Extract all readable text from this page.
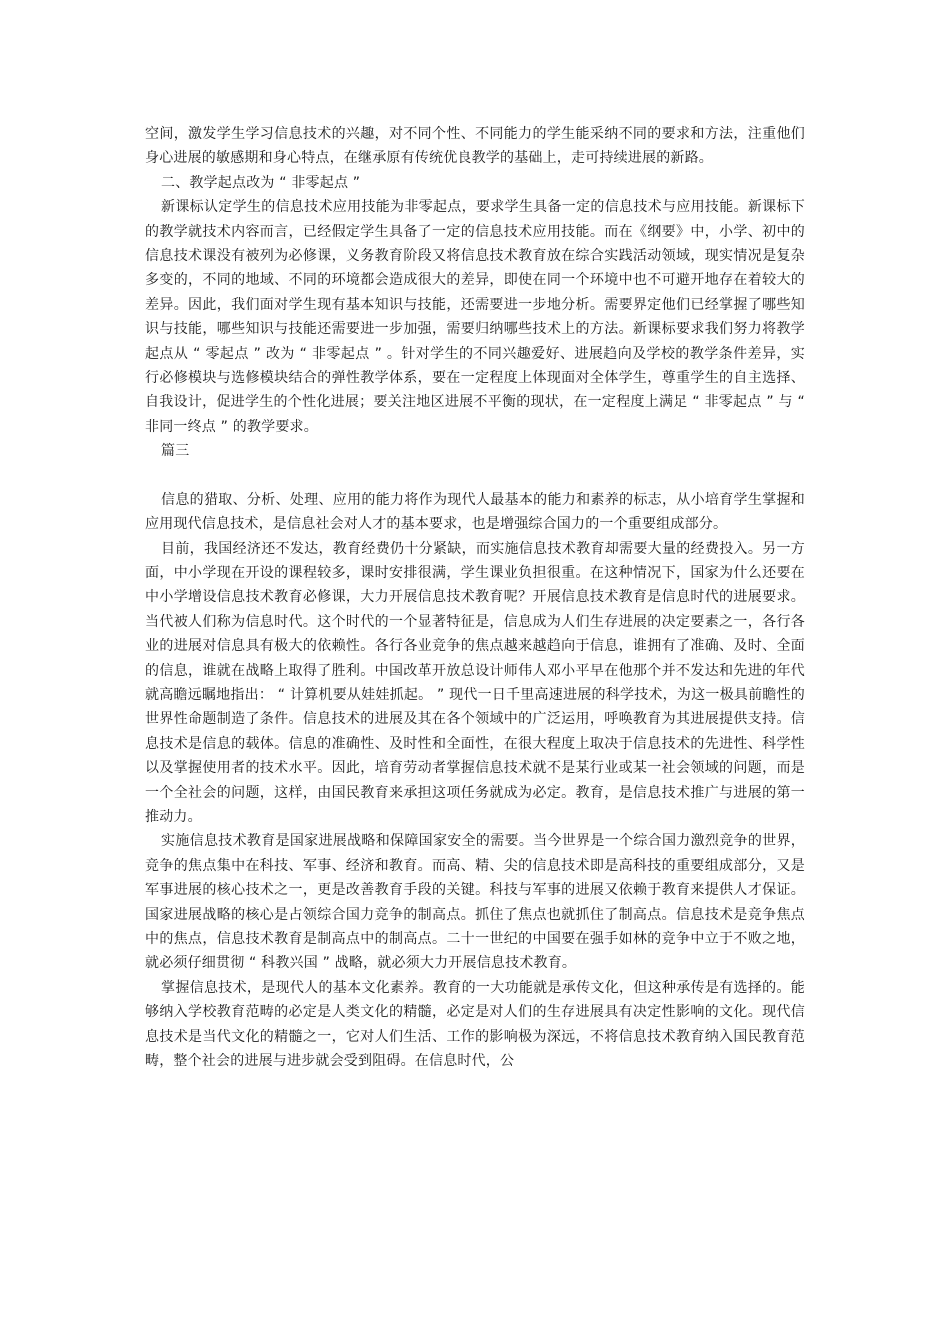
空间，激发学生学习信息技术的兴趣，对不同个性、不同能力的学生能采纳不同的要求和方法，注重他们身心进展的敏感期和身心特点，在继承原有传统优良教学的基础上，走可持续进展的新路。

二、教学起点改为 “ 非零起点 ”

新课标认定学生的信息技术应用技能为非零起点，要求学生具备一定的信息技术与应用技能。新课标下的教学就技术内容而言，已经假定学生具备了一定的信息技术应用技能。而在《纲要》中，小学、初中的信息技术课没有被列为必修课，义务教育阶段又将信息技术教育放在综合实践活动领域，现实情况是复杂多变的，不同的地域、不同的环境都会造成很大的差异，即使在同一个环境中也不可避开地存在着较大的差异。因此，我们面对学生现有基本知识与技能，还需要进一步地分析。需要界定他们已经掌握了哪些知识与技能，哪些知识与技能还需要进一步加强，需要归纳哪些技术上的方法。新课标要求我们努力将教学起点从 “ 零起点 ” 改为 “ 非零起点 ” 。针对学生的不同兴趣爱好、进展趋向及学校的教学条件差异，实行必修模块与选修模块结合的弹性教学体系，要在一定程度上体现面对全体学生，尊重学生的自主选择、自我设计，促进学生的个性化进展；要关注地区进展不平衡的现状，在一定程度上满足 “ 非零起点 ” 与 “ 非同一终点 ” 的教学要求。

篇三

信息的猎取、分析、处理、应用的能力将作为现代人最基本的能力和素养的标志，从小培育学生掌握和应用现代信息技术，是信息社会对人才的基本要求，也是增强综合国力的一个重要组成部分。

目前，我国经济还不发达，教育经费仍十分紧缺，而实施信息技术教育却需要大量的经费投入。另一方面，中小学现在开设的课程较多，课时安排很满，学生课业负担很重。在这种情况下，国家为什么还要在中小学增设信息技术教育必修课，大力开展信息技术教育呢？开展信息技术教育是信息时代的进展要求。当代被人们称为信息时代。这个时代的一个显著特征是，信息成为人们生存进展的决定要素之一，各行各业的进展对信息具有极大的依赖性。各行各业竞争的焦点越来越趋向于信息，谁拥有了准确、及时、全面的信息，谁就在战略上取得了胜利。中国改革开放总设计师伟人邓小平早在他那个并不发达和先进的年代就高瞻远瞩地指出： “ 计算机要从娃娃抓起。 ” 现代一日千里高速进展的科学技术，为这一极具前瞻性的世界性命题制造了条件。信息技术的进展及其在各个领域中的广泛运用，呼唤教育为其进展提供支持。信息技术是信息的载体。信息的准确性、及时性和全面性，在很大程度上取决于信息技术的先进性、科学性以及掌握使用者的技术水平。因此，培育劳动者掌握信息技术就不是某行业或某一社会领域的问题，而是一个全社会的问题，这样，由国民教育来承担这项任务就成为必定。教育，是信息技术推广与进展的第一推动力。

实施信息技术教育是国家进展战略和保障国家安全的需要。当今世界是一个综合国力激烈竞争的世界，竞争的焦点集中在科技、军事、经济和教育。而高、精、尖的信息技术即是高科技的重要组成部分，又是军事进展的核心技术之一，更是改善教育手段的关键。科技与军事的进展又依赖于教育来提供人才保证。国家进展战略的核心是占领综合国力竞争的制高点。抓住了焦点也就抓住了制高点。信息技术是竞争焦点中的焦点，信息技术教育是制高点中的制高点。二十一世纪的中国要在强手如林的竞争中立于不败之地，就必须仔细贯彻 “ 科教兴国 ” 战略，就必须大力开展信息技术教育。

掌握信息技术，是现代人的基本文化素养。教育的一大功能就是承传文化，但这种承传是有选择的。能够纳入学校教育范畴的必定是人类文化的精髓，必定是对人们的生存进展具有决定性影响的文化。现代信息技术是当代文化的精髓之一，它对人们生活、工作的影响极为深远，不将信息技术教育纳入国民教育范畴，整个社会的进展与进步就会受到阻碍。在信息时代，公
